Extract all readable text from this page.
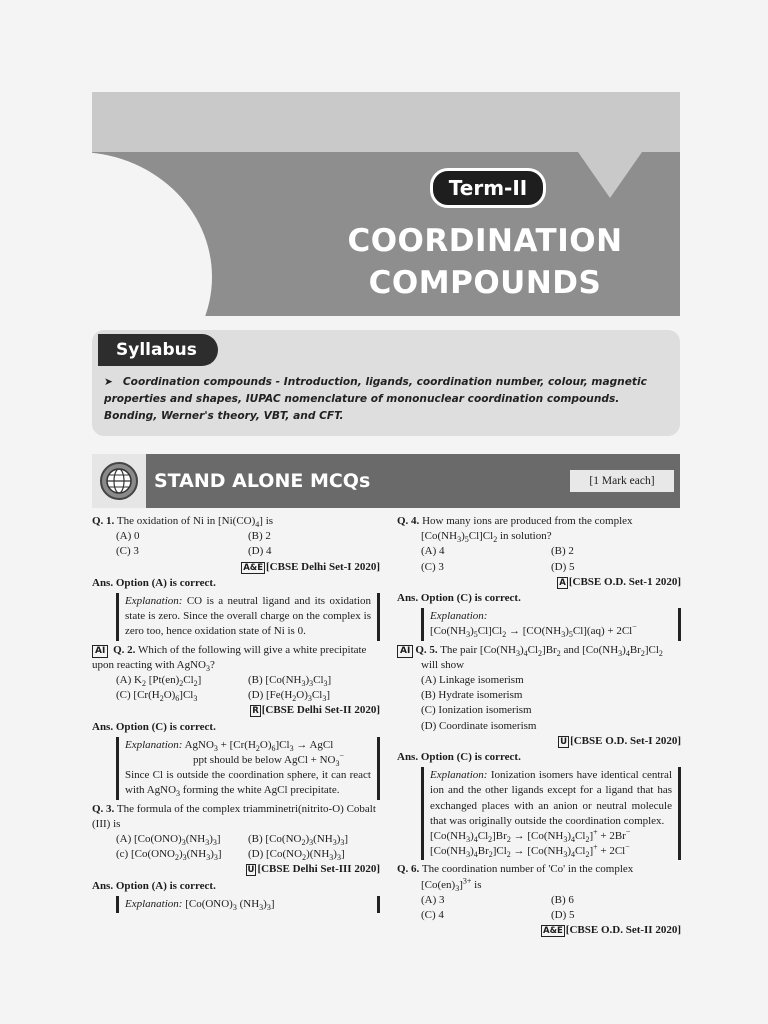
Term-II
COORDINATION
COMPOUNDS
Syllabus
➤ Coordination compounds - Introduction, ligands, coordination number, colour, magnetic properties and shapes, IUPAC nomenclature of mononuclear coordination compounds. Bonding, Werner's theory, VBT, and CFT.
STAND ALONE MCQs	[1 Mark each]
Q. 1. The oxidation of Ni in $[Ni(CO)_4]$ is
(A) 0	(B) 2
(C) 3	(D) 4
A&E [CBSE Delhi Set-I 2020]
Ans. Option (A) is correct.
Explanation: CO is a neutral ligand and its oxidation state is zero. Since the overall charge on the complex is zero too, hence oxidation state of Ni is 0.
AI Q. 2. Which of the following will give a white precipitate upon reacting with AgNO$_3$?
(A) $K_2$ $[Pt(en)_2Cl_2]$	(B) $[Co(NH_3)_3Cl_3]$
(C) $[Cr(H_2O)_6]Cl_3$	(D) $[Fe(H_2O)_3Cl_3]$
R [CBSE Delhi Set-II 2020]
Ans. Option (C) is correct.
Explanation: AgNO$_3$ + $[Cr(H_2O)_6]Cl_3$ → AgCl
ppt should be below AgCl + $NO_3^-$
Since Cl is outside the coordination sphere, it can react with AgNO$_3$ forming the white AgCl precipitate.
Q. 3. The formula of the complex triamminetri(nitrito-O) Cobalt (III) is
(A) $[Co(ONO)_3(NH_3)_3]$	(B) $[Co(NO_2)_3(NH_3)_3]$
(c) $[Co(ONO_2)_3(NH_3)_3]$	(D) $[Co(NO_2)(NH_3)_3]$
U [CBSE Delhi Set-III 2020]
Ans. Option (A) is correct.
Explanation: [$Co(ONO)_3$ $(NH_3)_3$]
Q. 4. How many ions are produced from the complex
$[Co(NH_3)_5Cl]Cl_2$ in solution?
(A) 4	(B) 2
(C) 3	(D) 5
A [CBSE O.D. Set-1 2020]
Ans. Option (C) is correct.
Explanation:
$[Co(NH_3)_5Cl]Cl_2 \to [CO(NH_3)_5Cl](aq) + 2Cl^-$
AI Q. 5. The pair $[Co(NH_3)_4Cl_2]Br_2$ and $[Co(NH_3)_4Br_2]Cl_2$
will show
(A) Linkage isomerism
(B) Hydrate isomerism
(C) Ionization isomerism
(D) Coordinate isomerism
U [CBSE O.D. Set-I 2020]
Ans. Option (C) is correct.
Explanation: Ionization isomers have identical central ion and the other ligands except for a ligand that has exchanged places with an anion or neutral molecule that was originally outside the coordination complex.
$[Co(NH_3)_4Cl_2]Br_2 \to [Co(NH_3)_4Cl_2]^+ + 2Br^-$
$[Co(NH_3)_4Br_2]Cl_2 \to [Co(NH_3)_4Cl_2]^+ + 2Cl^-$
Q. 6. The coordination number of 'Co' in the complex
$[Co(en)_3]^{3+}$ is
(A) 3	(B) 6
(C) 4	(D) 5
A&E [CBSE O.D. Set-II 2020]
